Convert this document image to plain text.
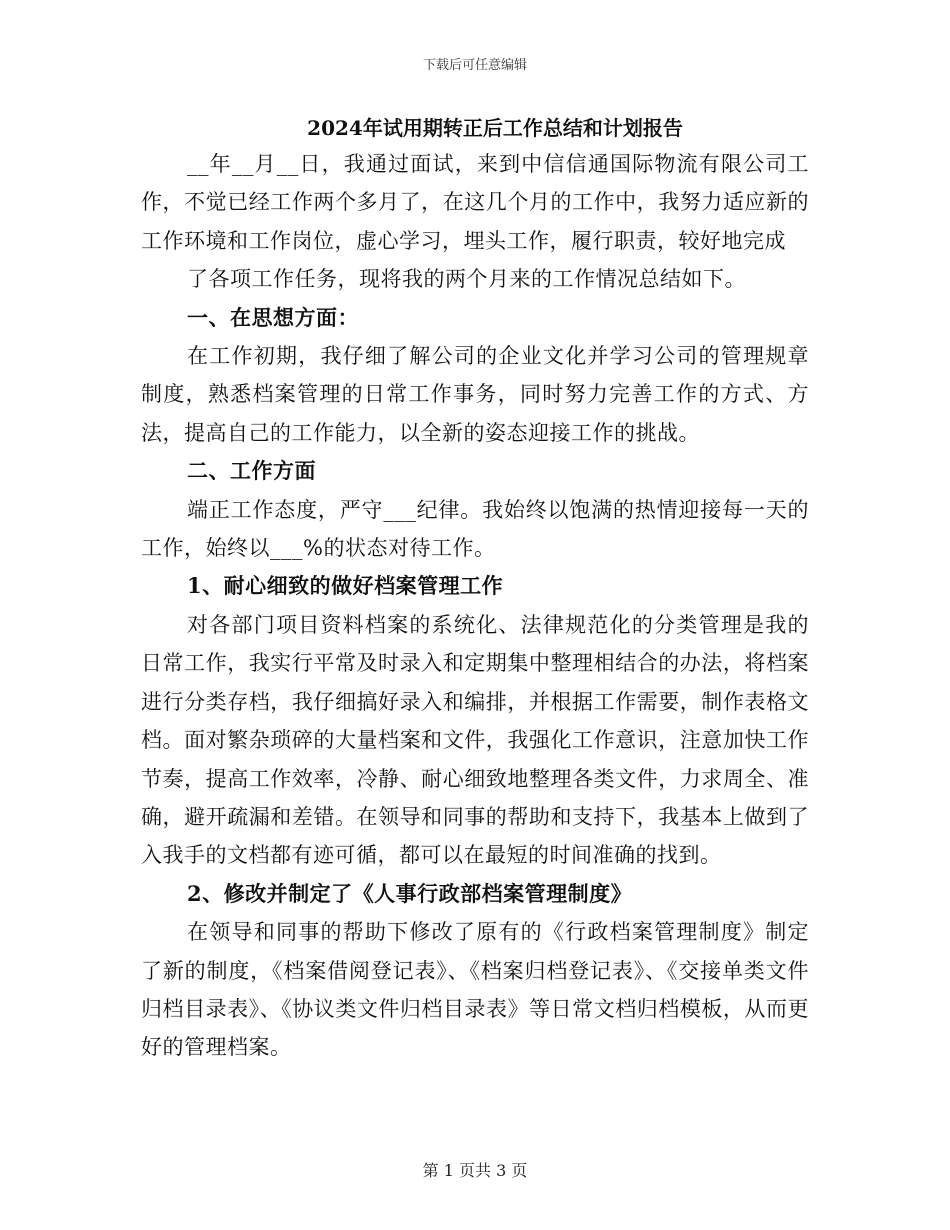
下载后可任意编辑
2024年试用期转正后工作总结和计划报告

__年__月__日，我通过面试，来到中信信通国际物流有限公司工作，不觉已经工作两个多月了，在这几个月的工作中，我努力适应新的工作环境和工作岗位，虚心学习，埋头工作，履行职责，较好地完成

了各项工作任务，现将我的两个月来的工作情况总结如下。

一、在思想方面：

在工作初期，我仔细了解公司的企业文化并学习公司的管理规章制度，熟悉档案管理的日常工作事务，同时努力完善工作的方式、方法，提高自己的工作能力，以全新的姿态迎接工作的挑战。

二、工作方面

端正工作态度，严守___纪律。我始终以饱满的热情迎接每一天的工作，始终以___%的状态对待工作。

1、耐心细致的做好档案管理工作

对各部门项目资料档案的系统化、法律规范化的分类管理是我的日常工作，我实行平常及时录入和定期集中整理相结合的办法，将档案进行分类存档，我仔细搞好录入和编排，并根据工作需要，制作表格文档。面对繁杂琐碎的大量档案和文件，我强化工作意识，注意加快工作节奏，提高工作效率，冷静、耐心细致地整理各类文件，力求周全、准确，避开疏漏和差错。在领导和同事的帮助和支持下，我基本上做到了入我手的文档都有迹可循，都可以在最短的时间准确的找到。

2、修改并制定了《人事行政部档案管理制度》

在领导和同事的帮助下修改了原有的《行政档案管理制度》制定了新的制度，《档案借阅登记表》、《档案归档登记表》、《交接单类文件归档目录表》、《协议类文件归档目录表》等日常文档归档模板，从而更好的管理档案。

第 1 页共 3 页
